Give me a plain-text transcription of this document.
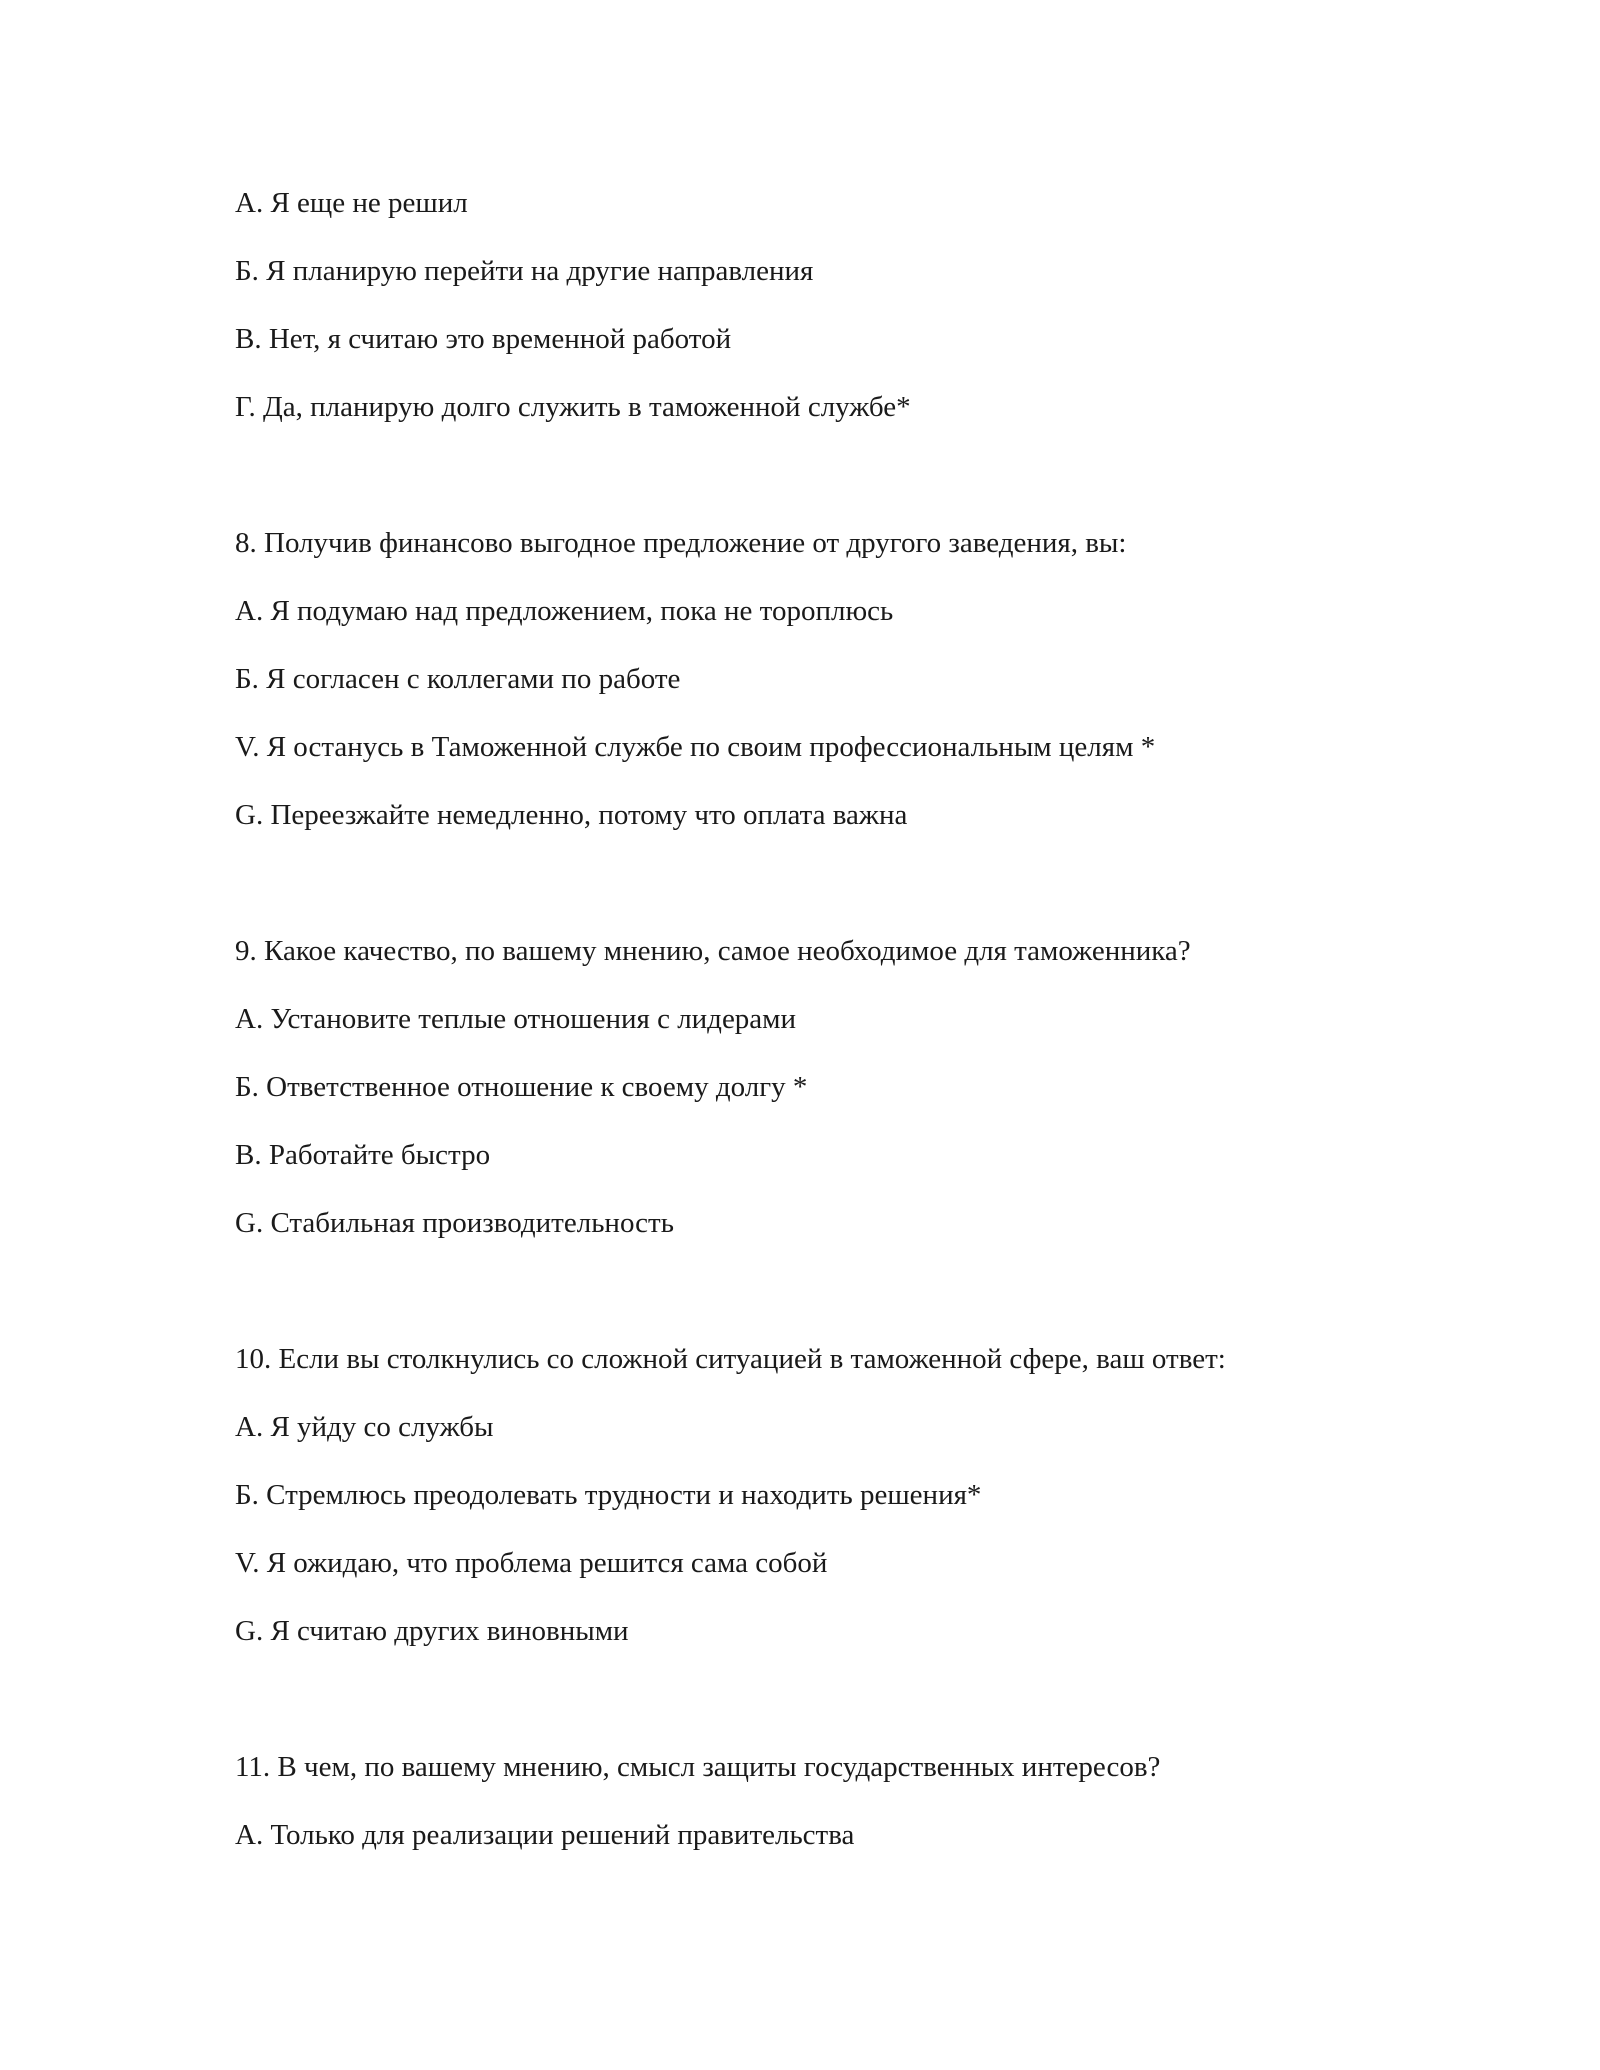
А. Я еще не решил
Б. Я планирую перейти на другие направления
В. Нет, я считаю это временной работой
Г. Да, планирую долго служить в таможенной службе*
8. Получив финансово выгодное предложение от другого заведения, вы:
А. Я подумаю над предложением, пока не тороплюсь
Б. Я согласен с коллегами по работе
V. Я останусь в Таможенной службе по своим профессиональным целям *
G. Переезжайте немедленно, потому что оплата важна
9. Какое качество, по вашему мнению, самое необходимое для таможенника?
А. Установите теплые отношения с лидерами
Б. Ответственное отношение к своему долгу *
В. Работайте быстро
G. Стабильная производительность
10. Если вы столкнулись со сложной ситуацией в таможенной сфере, ваш ответ:
А. Я уйду со службы
Б. Стремлюсь преодолевать трудности и находить решения*
V. Я ожидаю, что проблема решится сама собой
G. Я считаю других виновными
11. В чем, по вашему мнению, смысл защиты государственных интересов?
А. Только для реализации решений правительства
